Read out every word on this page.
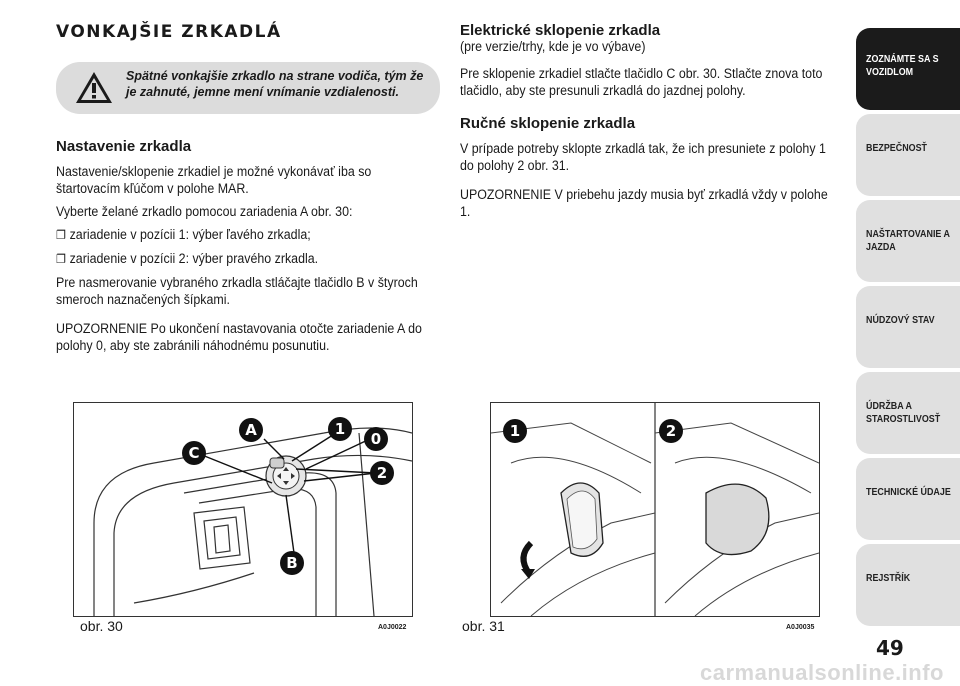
VONKAJŠIE ZRKADLÁ
Spätné vonkajšie zrkadlo na strane vodiča, tým že je zahnuté, jemne mení vnímanie vzdialenosti.
Nastavenie zrkadla
Nastavenie/sklopenie zrkadiel je možné vykonávať iba so štartovacím kľúčom v polohe MAR.
Vyberte želané zrkadlo pomocou zariadenia A obr. 30:
❐ zariadenie v pozícii 1: výber ľavého zrkadla;
❐ zariadenie v pozícii 2: výber pravého zrkadla.
Pre nasmerovanie vybraného zrkadla stláčajte tlačidlo B v štyroch smeroch naznačených šípkami.
UPOZORNENIE Po ukončení nastavovania otočte zariadenie A do polohy 0, aby ste zabránili náhodnému posunutiu.
Elektrické sklopenie zrkadla
(pre verzie/trhy, kde je vo výbave)
Pre sklopenie zrkadiel stlačte tlačidlo C obr. 30. Stlačte znova toto tlačidlo, aby ste presunuli zrkadlá do jazdnej polohy.
Ručné sklopenie zrkadla
V prípade potreby sklopte zrkadlá tak, že ich presuniete z polohy 1 do polohy 2 obr. 31.
UPOZORNENIE V priebehu jazdy musia byť zrkadlá vždy v polohe 1.
A	1
0
C
2
B
obr. 30	A0J0022
1	2
obr. 31	A0J0035
ZOZNÁMTE SA S
VOZIDLOM
BEZPEČNOSŤ
NAŠTARTOVANIE A
JAZDA
NÚDZOVÝ STAV
ÚDRŽBA A
STAROSTLIVOSŤ
TECHNICKÉ ÚDAJE
REJSTŘÍK
49
carmanualsonline.info
